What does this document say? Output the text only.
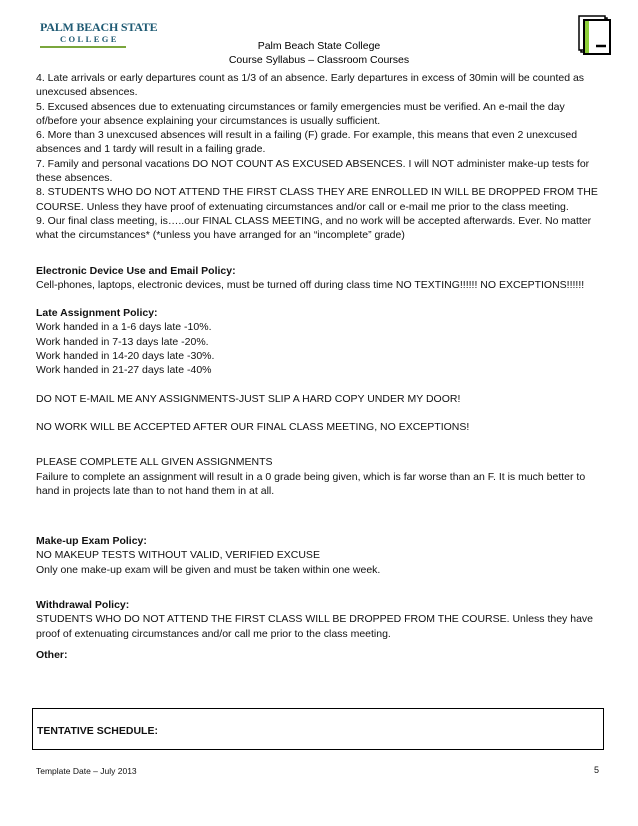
PALM BEACH STATE
COLLEGE
Palm Beach State College
Course Syllabus – Classroom Courses

4. Late arrivals or early departures count as 1/3 of an absence. Early departures in excess of 30min will be counted as unexcused absences.

5. Excused absences due to extenuating circumstances or family emergencies must be verified. An e-mail the day of/before your absence explaining your circumstances is usually sufficient.

6. More than 3 unexcused absences will result in a failing (F) grade. For example, this means that even 2 unexcused absences and 1 tardy will result in a failing grade.

7. Family and personal vacations DO NOT COUNT AS EXCUSED ABSENCES. I will NOT administer make-up tests for these absences.

8. STUDENTS WHO DO NOT ATTEND THE FIRST CLASS THEY ARE ENROLLED IN WILL BE DROPPED FROM THE COURSE. Unless they have proof of extenuating circumstances and/or call or e-mail me prior to the class meeting.

9. Our final class meeting, is…..our FINAL CLASS MEETING, and no work will be accepted afterwards. Ever. No matter what the circumstances* (*unless you have arranged for an “incomplete” grade)

Electronic Device Use and Email Policy:

Cell-phones, laptops, electronic devices, must be turned off during class time NO TEXTING!!!!!! NO EXCEPTIONS!!!!!!

Late Assignment Policy:

Work handed in a 1-6 days late -10%.

Work handed in 7-13 days late -20%.

Work handed in 14-20 days late -30%.

Work handed in 21-27 days late -40%

DO NOT E-MAIL ME ANY ASSIGNMENTS-JUST SLIP A HARD COPY UNDER MY DOOR!

NO WORK WILL BE ACCEPTED AFTER OUR FINAL CLASS MEETING, NO EXCEPTIONS!

PLEASE COMPLETE ALL GIVEN ASSIGNMENTS

Failure to complete an assignment will result in a 0 grade being given, which is far worse than an F. It is much better to hand in projects late than to not hand them in at all.

Make-up Exam Policy:

NO MAKEUP TESTS WITHOUT VALID, VERIFIED EXCUSE

Only one make-up exam will be given and must be taken within one week.

Withdrawal Policy:

STUDENTS WHO DO NOT ATTEND THE FIRST CLASS WILL BE DROPPED FROM THE COURSE. Unless they have proof of extenuating circumstances and/or call me prior to the class meeting.

Other:

TENTATIVE SCHEDULE:
Template Date – July 2013	5
